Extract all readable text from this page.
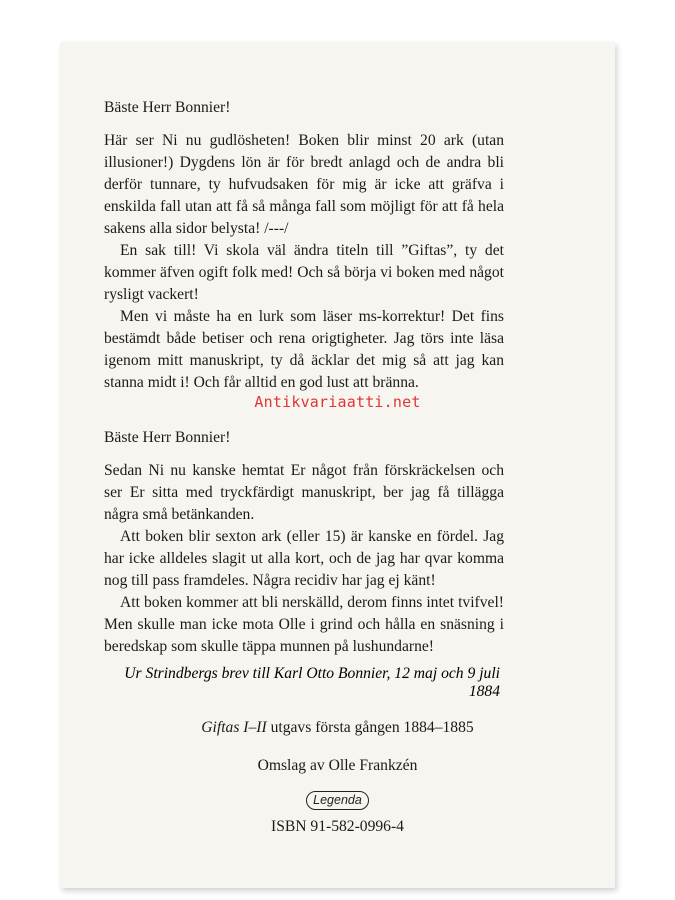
Bäste Herr Bonnier!

Här ser Ni nu gudlösheten! Boken blir minst 20 ark (utan illusioner!) Dygdens lön är för bredt anlagd och de andra bli derför tunnare, ty hufvudsaken för mig är icke att gräfva i enskilda fall utan att få så många fall som möjligt för att få hela sakens alla sidor belysta! /---/

En sak till! Vi skola väl ändra titeln till ”Giftas”, ty det kommer äfven ogift folk med! Och så börja vi boken med något rysligt vackert!

Men vi måste ha en lurk som läser ms-korrektur! Det fins bestämdt både betiser och rena origtigheter. Jag törs inte läsa igenom mitt manuskript, ty då äcklar det mig så att jag kan stanna midt i! Och får alltid en god lust att bränna.

Antikvariaatti.net

Bäste Herr Bonnier!

Sedan Ni nu kanske hemtat Er något från förskräckelsen och ser Er sitta med tryckfärdigt manuskript, ber jag få tillägga några små betänkanden.

Att boken blir sexton ark (eller 15) är kanske en fördel. Jag har icke alldeles slagit ut alla kort, och de jag har qvar komma nog till pass framdeles. Några recidiv har jag ej känt!

Att boken kommer att bli nerskälld, derom finns intet tvifvel! Men skulle man icke mota Olle i grind och hålla en snäsning i beredskap som skulle täppa munnen på lushundarne!

Ur Strindbergs brev till Karl Otto Bonnier, 12 maj och 9 juli 1884
Giftas I–II utgavs första gången 1884–1885
Omslag av Olle Frankzén
Legenda
ISBN 91-582-0996-4
